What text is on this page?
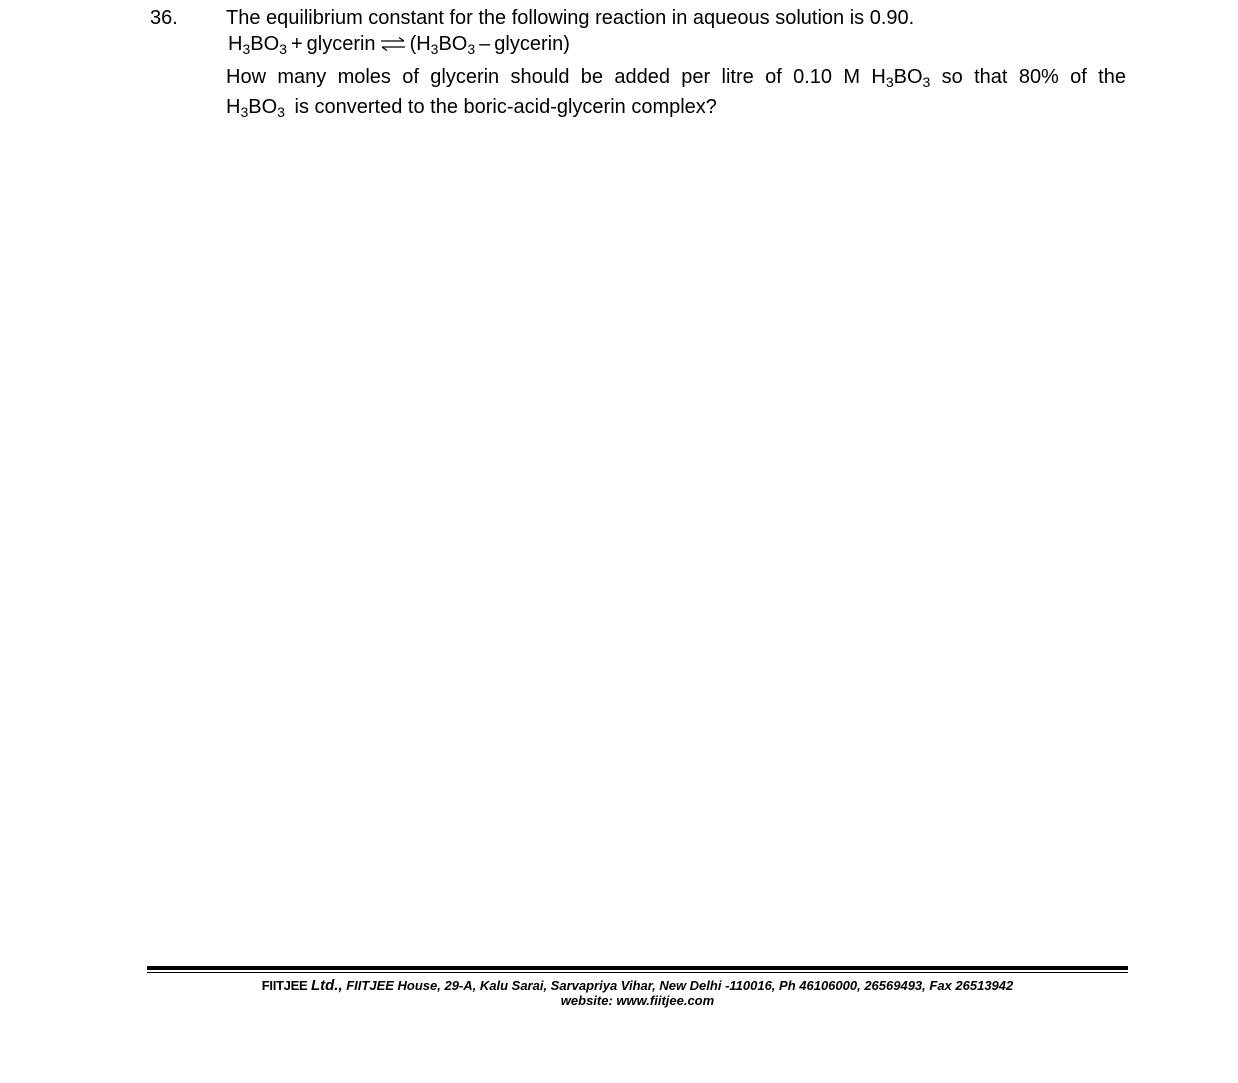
36. The equilibrium constant for the following reaction in aqueous solution is 0.90.
$H_3BO_3$ + glycerin ⇌ ($H_3BO_3$ – glycerin)
How many moles of glycerin should be added per litre of 0.10 M $H_3BO_3$ so that 80% of the
$H_3BO_3$ is converted to the boric-acid-glycerin complex?
FIITJEE Ltd., FIITJEE House, 29-A, Kalu Sarai, Sarvapriya Vihar, New Delhi -110016, Ph 46106000, 26569493, Fax 26513942
website: www.fiitjee.com
